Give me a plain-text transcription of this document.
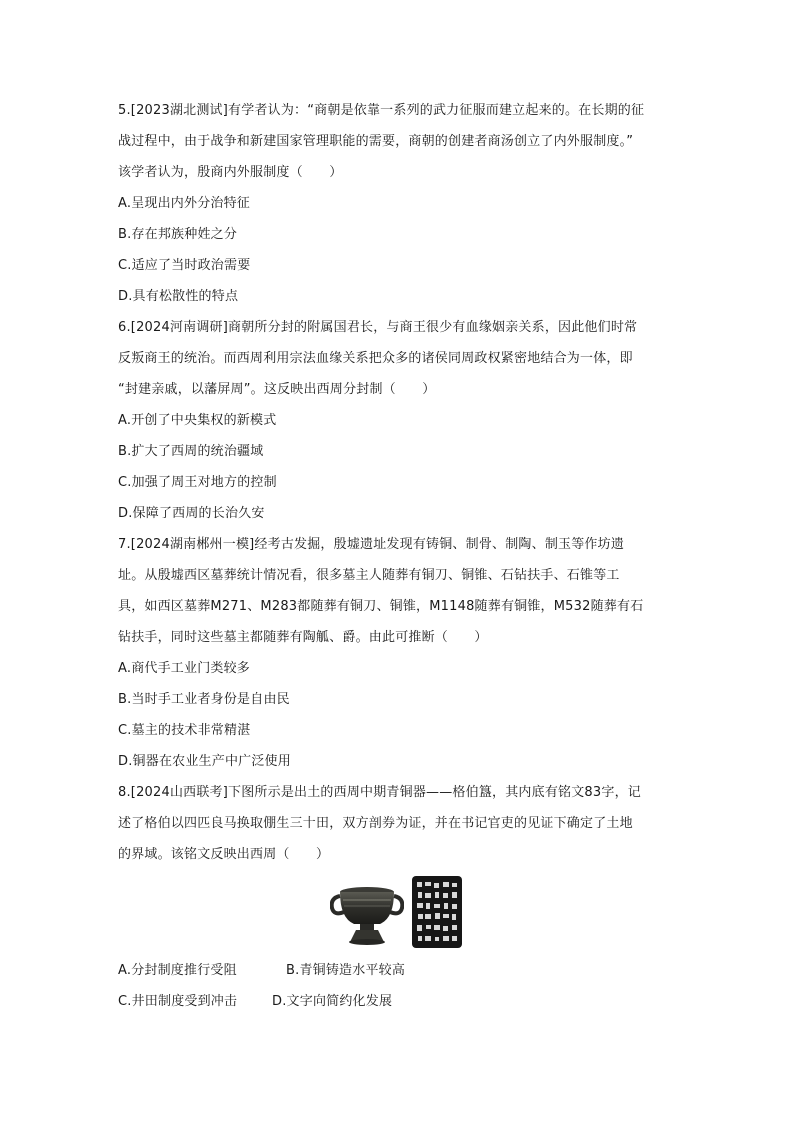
5.[2023湖北测试]有学者认为：“商朝是依靠一系列的武力征服而建立起来的。在长期的征
战过程中，由于战争和新建国家管理职能的需要，商朝的创建者商汤创立了内外服制度。”
该学者认为，殷商内外服制度（　　）
A.呈现出内外分治特征
B.存在邦族种姓之分
C.适应了当时政治需要
D.具有松散性的特点
6.[2024河南调研]商朝所分封的附属国君长，与商王很少有血缘姻亲关系，因此他们时常
反叛商王的统治。而西周利用宗法血缘关系把众多的诸侯同周政权紧密地结合为一体，即
“封建亲戚，以藩屏周”。这反映出西周分封制（　　）
A.开创了中央集权的新模式
B.扩大了西周的统治疆域
C.加强了周王对地方的控制
D.保障了西周的长治久安
7.[2024湖南郴州一模]经考古发掘，殷墟遗址发现有铸铜、制骨、制陶、制玉等作坊遗
址。从殷墟西区墓葬统计情况看，很多墓主人随葬有铜刀、铜锥、石钻扶手、石锥等工
具，如西区墓葬M271、M283都随葬有铜刀、铜锥，M1148随葬有铜锥，M532随葬有石
钻扶手，同时这些墓主都随葬有陶觚、爵。由此可推断（　　）
A.商代手工业门类较多
B.当时手工业者身份是自由民
C.墓主的技术非常精湛
D.铜器在农业生产中广泛使用
8.[2024山西联考]下图所示是出土的西周中期青铜器——格伯簋，其内底有铭文83字，记
述了格伯以四匹良马换取倗生三十田，双方剖券为证，并在书记官吏的见证下确定了土地
的界域。该铭文反映出西周（　　）
A.分封制度推行受阻	B.青铜铸造水平较高
C.井田制度受到冲击	D.文字向简约化发展
